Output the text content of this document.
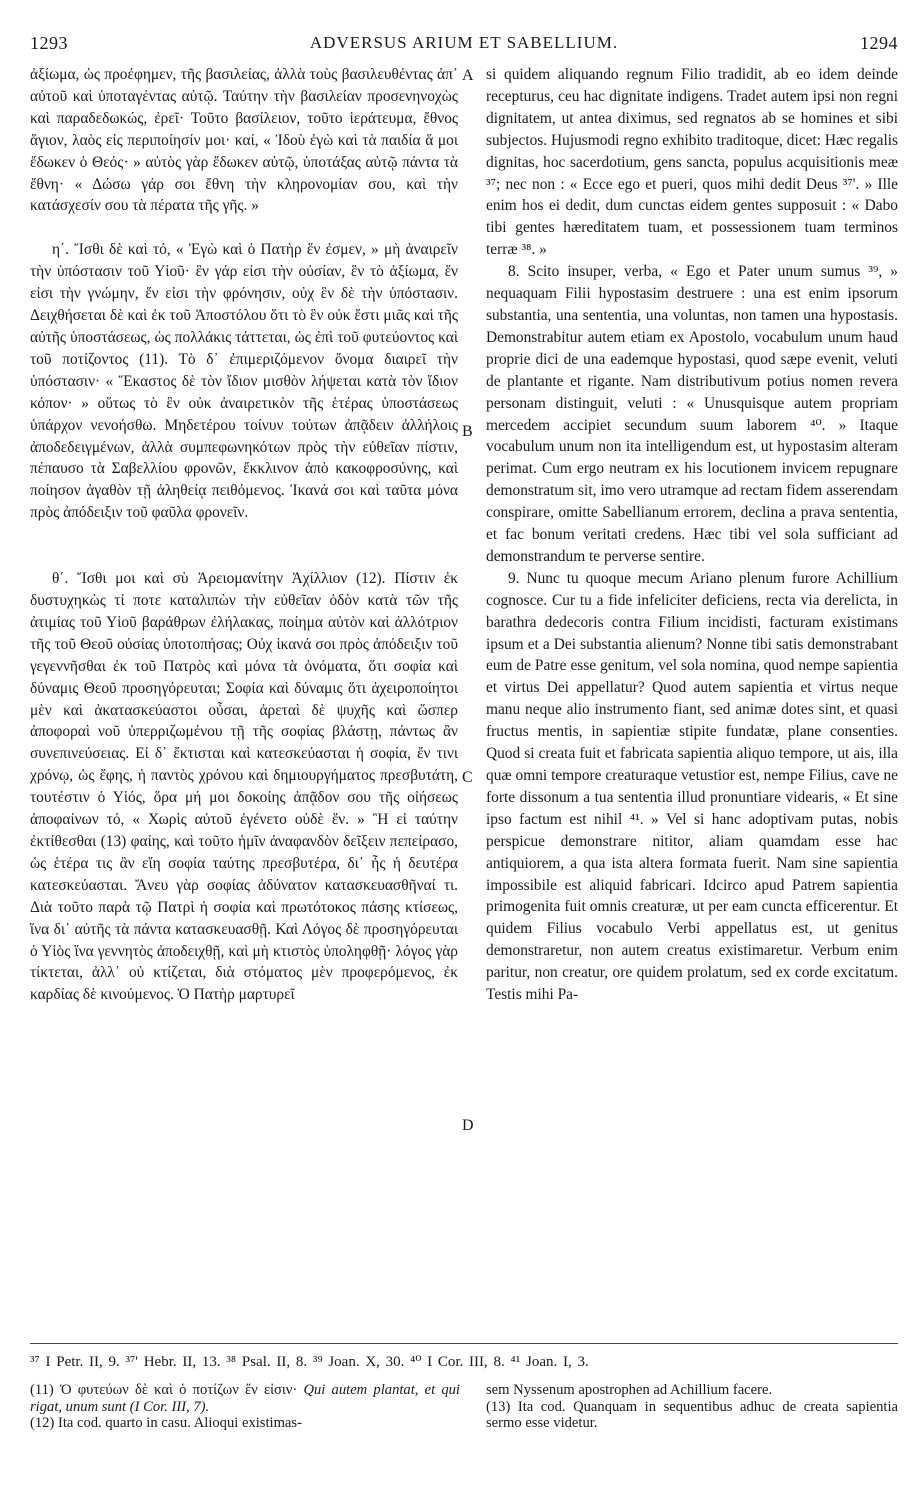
1293	ADVERSUS ARIUM ET SABELLIUM.	1294

ἀξίωμα, ὡς προέφημεν, τῆς βασιλείας, ἀλλὰ τοὺς βασιλευθέντας ἀπ᾽ αὐτοῦ καὶ ὑποταγέντας αὐτῷ. Ταύτην τὴν βασιλείαν προσενηνοχὼς καὶ παραδεδωκώς, ἐρεῖ· Τοῦτο βασίλειον, τοῦτο ἱεράτευμα, ἔθνος ἅγιον, λαὸς εἰς περιποίησίν μοι· καί, « Ἰδοὺ ἐγὼ καὶ τὰ παιδία ἅ μοι ἔδωκεν ὁ Θεός· » αὐτὸς γὰρ ἔδωκεν αὐτῷ, ὑποτάξας αὐτῷ πάντα τὰ ἔθνη· « Δώσω γάρ σοι ἔθνη τὴν κληρονομίαν σου, καὶ τὴν κατάσχεσίν σου τὰ πέρατα τῆς γῆς. »

η΄. Ἴσθι δὲ καὶ τό, « Ἐγὼ καὶ ὁ Πατὴρ ἕν ἐσμεν, » μὴ ἀναιρεῖν τὴν ὑπόστασιν τοῦ Υἱοῦ· ἓν γάρ εἰσι τὴν οὐσίαν, ἓν τὸ ἀξίωμα, ἕν εἰσι τὴν γνώμην, ἕν εἰσι τὴν φρόνησιν, οὐχ ἓν δὲ τὴν ὑπόστασιν. Δειχθήσεται δὲ καὶ ἐκ τοῦ Ἀποστόλου ὅτι τὸ ἓν οὐκ ἔστι μιᾶς καὶ τῆς αὐτῆς ὑποστάσεως, ὡς πολλάκις τάττεται, ὡς ἐπὶ τοῦ φυτεύοντος καὶ τοῦ ποτίζοντος (11). Τὸ δ᾽ ἐπιμεριζόμενον ὄνομα διαιρεῖ τὴν ὑπόστασιν· « Ἕκαστος δὲ τὸν ἴδιον μισθὸν λήψεται κατὰ τὸν ἴδιον κόπον· » οὕτως τὸ ἓν οὐκ ἀναιρετικὸν τῆς ἑτέρας ὑποστάσεως ὑπάρχον νενοήσθω. Μηδετέρου τοίνυν τούτων ἀπᾷδειν ἀλλήλοις ἀποδεδειγμένων, ἀλλὰ συμπεφωνηκότων πρὸς τὴν εὐθεῖαν πίστιν, πέπαυσο τὰ Σαβελλίου φρονῶν, ἔκκλινον ἀπὸ κακοφροσύνης, καὶ ποίησον ἀγαθὸν τῇ ἀληθείᾳ πειθόμενος. Ἱκανά σοι καὶ ταῦτα μόνα πρὸς ἀπόδειξιν τοῦ φαῦλα φρονεῖν.

θ΄. Ἴσθι μοι καὶ σὺ Ἀρειομανίτην Ἀχίλλιον (12). Πίστιν ἐκ δυστυχηκὼς τί ποτε καταλιπὼν τὴν εὐθεῖαν ὁδὸν κατὰ τῶν τῆς ἀτιμίας τοῦ Υἱοῦ βαράθρων ἐλήλακας, ποίημα αὐτὸν καὶ ἀλλότριον τῆς τοῦ Θεοῦ οὐσίας ὑποτοπήσας; Οὐχ ἱκανά σοι πρὸς ἀπόδειξιν τοῦ γεγεννῆσθαι ἐκ τοῦ Πατρὸς καὶ μόνα τὰ ὀνόματα, ὅτι σοφία καὶ δύναμις Θεοῦ προσηγόρευται; Σοφία καὶ δύναμις ὅτι ἀχειροποίητοι μὲν καὶ ἀκατασκεύαστοι οὖσαι, ἀρεταὶ δὲ ψυχῆς καὶ ὥσπερ ἀποφοραὶ νοῦ ὑπερριζωμένου τῇ τῆς σοφίας βλάστῃ, πάντως ἂν συνεπινεύσειας. Εἰ δ᾽ ἔκτισται καὶ κατεσκεύασται ἡ σοφία, ἔν τινι χρόνῳ, ὡς ἔφης, ἡ παντὸς χρόνου καὶ δημιουργήματος πρεσβυτάτη, τουτέστιν ὁ Υἱός, ὅρα μή μοι δοκοίης ἀπᾷδον σου τῆς οἰήσεως ἀποφαίνων τό, « Χωρὶς αὐτοῦ ἐγένετο οὐδὲ ἕν. » Ἢ εἰ ταύτην ἐκτίθεσθαι (13) φαίης, καὶ τοῦτο ἡμῖν ἀναφανδὸν δεῖξειν πεπείρασο, ὡς ἑτέρα τις ἂν εἴη σοφία ταύτης πρεσβυτέρα, δι᾽ ἧς ἡ δευτέρα κατεσκεύασται. Ἄνευ γὰρ σοφίας ἀδύνατον κατασκευασθῆναί τι. Διὰ τοῦτο παρὰ τῷ Πατρὶ ἡ σοφία καὶ πρωτότοκος πάσης κτίσεως, ἵνα δι᾽ αὐτῆς τὰ πάντα κατασκευασθῇ. Καὶ Λόγος δὲ προσηγόρευται ὁ Υἱὸς ἵνα γεννητὸς ἀποδειχθῇ, καὶ μὴ κτιστὸς ὑποληφθῇ· λόγος γὰρ τίκτεται, ἀλλ᾽ οὐ κτίζεται, διὰ στόματος μὲν προφερόμενος, ἐκ καρδίας δὲ κινούμενος. Ὁ Πατὴρ μαρτυρεῖ

si quidem aliquando regnum Filio tradidit, ab eo idem deinde recepturus, ceu hac dignitate indigens. Tradet autem ipsi non regni dignitatem, ut antea diximus, sed regnatos ab se homines et sibi subjectos. Hujusmodi regno exhibito traditoque, dicet: Hæc regalis dignitas, hoc sacerdotium, gens sancta, populus acquisitionis meæ ³⁷; nec non : « Ecce ego et pueri, quos mihi dedit Deus ³⁷'. » Ille enim hos ei dedit, dum cunctas eidem gentes supposuit : « Dabo tibi gentes hæreditatem tuam, et possessionem tuam terminos terræ ³⁸. »

8. Scito insuper, verba, « Ego et Pater unum sumus ³⁹, » nequaquam Filii hypostasim destruere : una est enim ipsorum substantia, una sententia, una voluntas, non tamen una hypostasis. Demonstrabitur autem etiam ex Apostolo, vocabulum unum haud proprie dici de una eademque hypostasi, quod sæpe evenit, veluti de plantante et rigante. Nam distributivum potius nomen revera personam distinguit, veluti : « Unusquisque autem propriam mercedem accipiet secundum suum laborem ⁴⁰. » Itaque vocabulum unum non ita intelligendum est, ut hypostasim alteram perimat. Cum ergo neutram ex his locutionem invicem repugnare demonstratum sit, imo vero utramque ad rectam fidem asserendam conspirare, omitte Sabellianum errorem, declina a prava sententia, et fac bonum veritati credens. Hæc tibi vel sola sufficiant ad demonstrandum te perverse sentire.

9. Nunc tu quoque mecum Ariano plenum furore Achillium cognosce. Cur tu a fide infeliciter deficiens, recta via derelicta, in barathra dedecoris contra Filium incidisti, facturam existimans ipsum et a Dei substantia alienum? Nonne tibi satis demonstrabant eum de Patre esse genitum, vel sola nomina, quod nempe sapientia et virtus Dei appellatur? Quod autem sapientia et virtus neque manu neque alio instrumento fiant, sed animæ dotes sint, et quasi fructus mentis, in sapientiæ stipite fundatæ, plane consenties. Quod si creata fuit et fabricata sapientia aliquo tempore, ut ais, illa quæ omni tempore creaturaque vetustior est, nempe Filius, cave ne forte dissonum a tua sententia illud pronuntiare videaris, « Et sine ipso factum est nihil ⁴¹. » Vel si hanc adoptivam putas, nobis perspicue demonstrare nititor, aliam quamdam esse hac antiquiorem, a qua ista altera formata fuerit. Nam sine sapientia impossibile est aliquid fabricari. Idcirco apud Patrem sapientia primogenita fuit omnis creaturæ, ut per eam cuncta efficerentur. Et quidem Filius vocabulo Verbi appellatus est, ut genitus demonstraretur, non autem creatus existimaretur. Verbum enim paritur, non creatur, ore quidem prolatum, sed ex corde excitatum. Testis mihi Pa-

A
B
C
D
³⁷ I Petr. II, 9. ³⁷' Hebr. II, 13. ³⁸ Psal. II, 8. ³⁹ Joan. X, 30. ⁴⁰ I Cor. III, 8. ⁴¹ Joan. I, 3.

(11) Ὁ φυτεύων δὲ καὶ ὁ ποτίζων ἕν εἰσιν· Qui autem plantat, et qui rigat, unum sunt (I Cor. III, 7).

(12) Ita cod. quarto in casu. Alioqui existimas-

sem Nyssenum apostrophen ad Achillium facere.

(13) Ita cod. Quanquam in sequentibus adhuc de creata sapientia sermo esse videtur.
